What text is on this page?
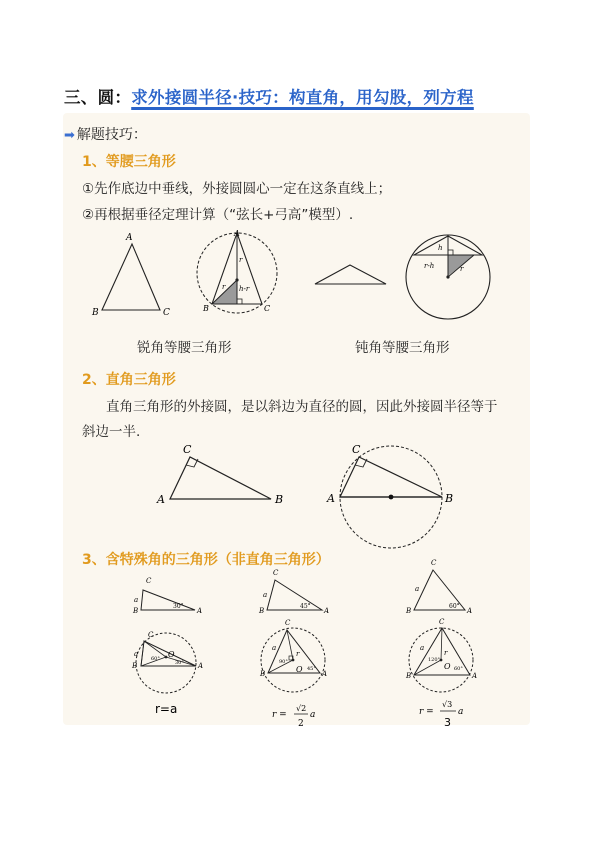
三、圆：求外接圆半径·技巧：构直角，用勾股，列方程
➡ 解题技巧：
1、等腰三角形
①先作底边中垂线，外接圆圆心一定在这条直线上；
②再根据垂径定理计算（“弦长+弓高”模型）.
A
B	C
A
B	C
r
r h-r
h
r-h	r
A
C
B	A
C
B
C
B	A
a
30°
C
B	A
a
45°
C
B	A
a
60°
C
B	A
a	O
60°
30°
C
B	A
a
r
O
90°
45°
C
B	A
a
r
O
120°
60°
r=a	r =
√2
2
a	r =
√3
3
a
锐角等腰三角形	钝角等腰三角形
2、直角三角形
直角三角形的外接圆，是以斜边为直径的圆，因此外接圆半径等于
斜边一半.
3、含特殊角的三角形（非直角三角形）
